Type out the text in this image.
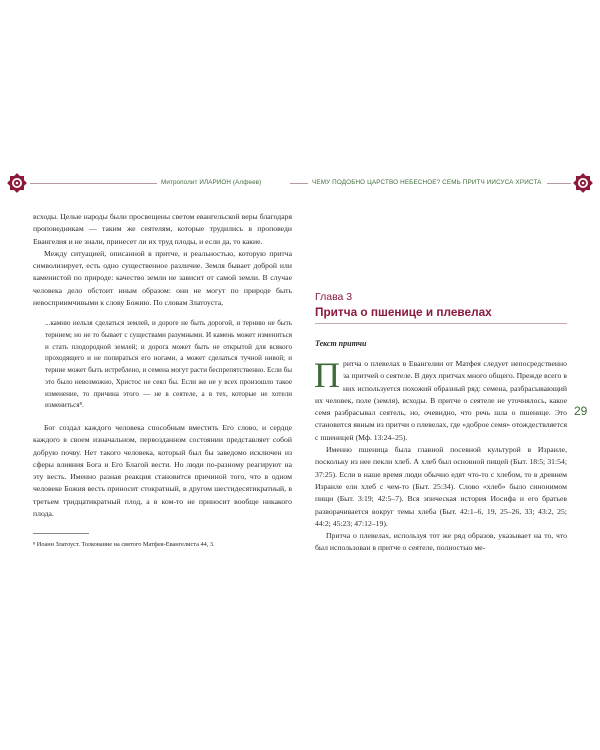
Митрополит ИЛАРИОН (Алфеев)	ЧЕМУ ПОДОБНО ЦАРСТВО НЕБЕСНОЕ? СЕМЬ ПРИТЧ ИИСУСА ХРИСТА

всходы. Целые народы были просвещены светом евангельской веры благодаря проповедникам — таким же сеятелям, которые трудились в проповеди Евангелия и не знали, принесет ли их труд плоды, и если да, то какие.

Между ситуацией, описанной в притче, и реальностью, которую притча символизирует, есть одно существенное различие. Земля бывает доброй или каменистой по природе: качество земли не зависит от самой земли. В случае человека дело обстоит иным образом: они не могут по природе быть невосприимчивыми к слову Божию. По словам Златоуста,

...камню нельзя сделаться землей, и дороге не быть дорогой, и тернию не быть тернием; но не то бывает с существами разумными. И камень может измениться и стать плодородной землей; и дорога может быть не открытой для всякого проходящего и не попираться его ногами, а может сделаться тучной нивой; и терние может быть истреблено, и семена могут расти беспрепятственно. Если бы это было невозможно, Христос не сеял бы. Если же не у всех произошло такое изменение, то причина этого — не в сеятеле, а в тех, которые не хотели измениться⁸.

Бог создал каждого человека способным вместить Его слово, и сердце каждого в своем изначальном, первозданном состоянии представляет собой добрую почву. Нет такого человека, который был бы заведомо исключен из сферы влияния Бога и Его Благой вести. Но люди по-разному реагируют на эту весть. Именно разная реакция становится причиной того, что в одном человеке Божия весть приносит стократный, в другом шестидесятикратный, в третьем тридцатикратный плод, а в ком-то не приносит вообще никакого плода.

⁸ Иоанн Златоуст. Толкование на святого Матфея-Евангелиста 44, 3.
Глава 3
Притча о пшенице и плевелах
Текст притчи

Притча о плевелах в Евангелии от Матфея следует непосредственно за притчей о сеятеле. В двух притчах много общего. Прежде всего в них используется похожий образный ряд: семена, разбрасывающий их человек, поле (земля), всходы. В притче о сеятеле не уточнялось, какое семя разбрасывал сеятель, но, очевидно, что речь шла о пшенице. Это становится явным из притчи о плевелах, где «доброе семя» отождествляется с пшеницей (Мф. 13:24–25).

Именно пшеница была главной посевной культурой в Израиле, поскольку из нее пекли хлеб. А хлеб был основной пищей (Быт. 18:5; 31:54; 37:25). Если в наше время люди обычно едят что-то с хлебом, то в древнем Израиле ели хлеб с чем-то (Быт. 25:34). Слово «хлеб» было синонимом пищи (Быт. 3:19; 42:5–7). Вся эпическая история Иосифа и его братьев разворачивается вокруг темы хлеба (Быт. 42:1–6, 19, 25–26, 33; 43:2, 25; 44:2; 45:23; 47:12–19).

Притча о плевелах, используя тот же ряд образов, указывает на то, что был использован в притче о сеятеле, полностью ме-

29
